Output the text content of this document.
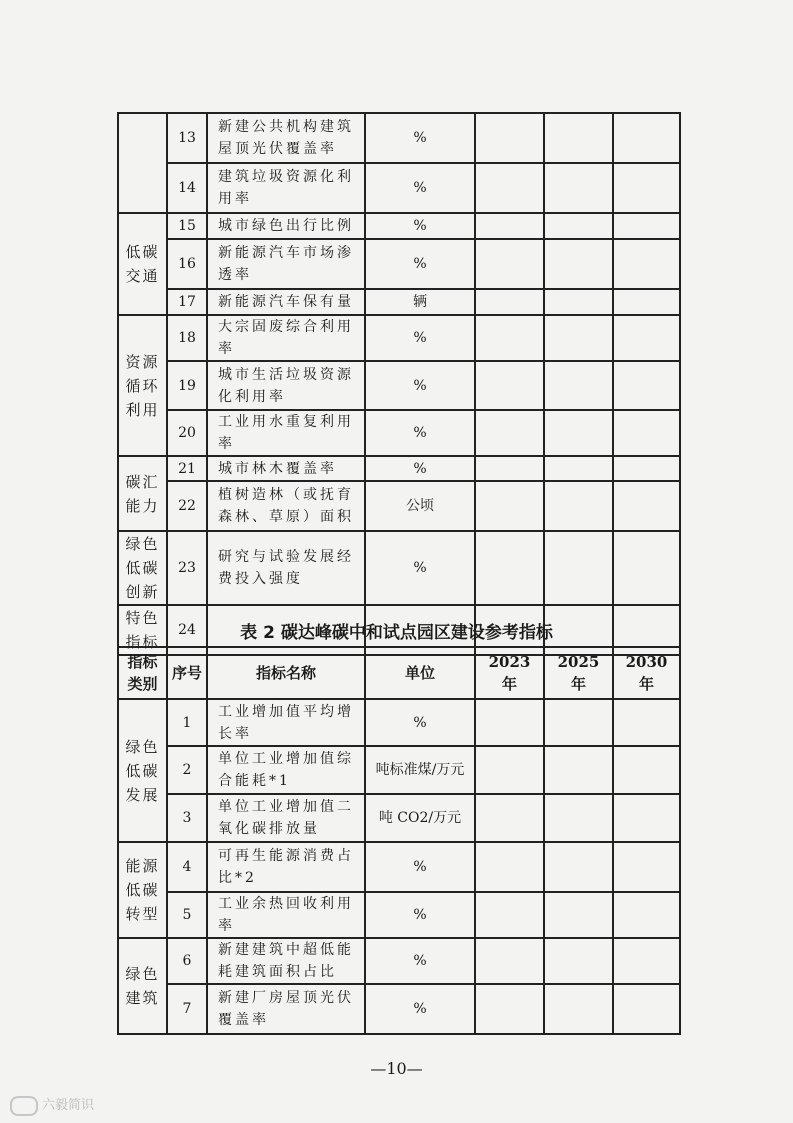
	13	新建公共机构建筑屋顶光伏覆盖率	%			
	14	建筑垃圾资源化利用率	%			
低碳交通	15	城市绿色出行比例	%			
	16	新能源汽车市场渗透率	%			
	17	新能源汽车保有量	辆			
资源循环利用	18	大宗固废综合利用率	%			
	19	城市生活垃圾资源化利用率	%			
	20	工业用水重复利用率	%			
碳汇能力	21	城市林木覆盖率	%			
	22	植树造林（或抚育森林、草原）面积	公顷			
绿色低碳创新	23	研究与试验发展经费投入强度	%			
特色指标	24						表 2 碳达峰碳中和试点园区建设参考指标
指标类别	序号	指标名称	单位	2023 年	2025 年	2030 年
绿色低碳发展	1	工业增加值平均增长率	%			
	2	单位工业增加值综合能耗*1	吨标准煤/万元			
	3	单位工业增加值二氧化碳排放量	吨 CO2/万元			
能源低碳转型	4	可再生能源消费占比*2	%			
	5	工业余热回收利用率	%			
绿色建筑	6	新建建筑中超低能耗建筑面积占比	%			
	7	新建厂房屋顶光伏覆盖率	%			
—10—
六毅简识
